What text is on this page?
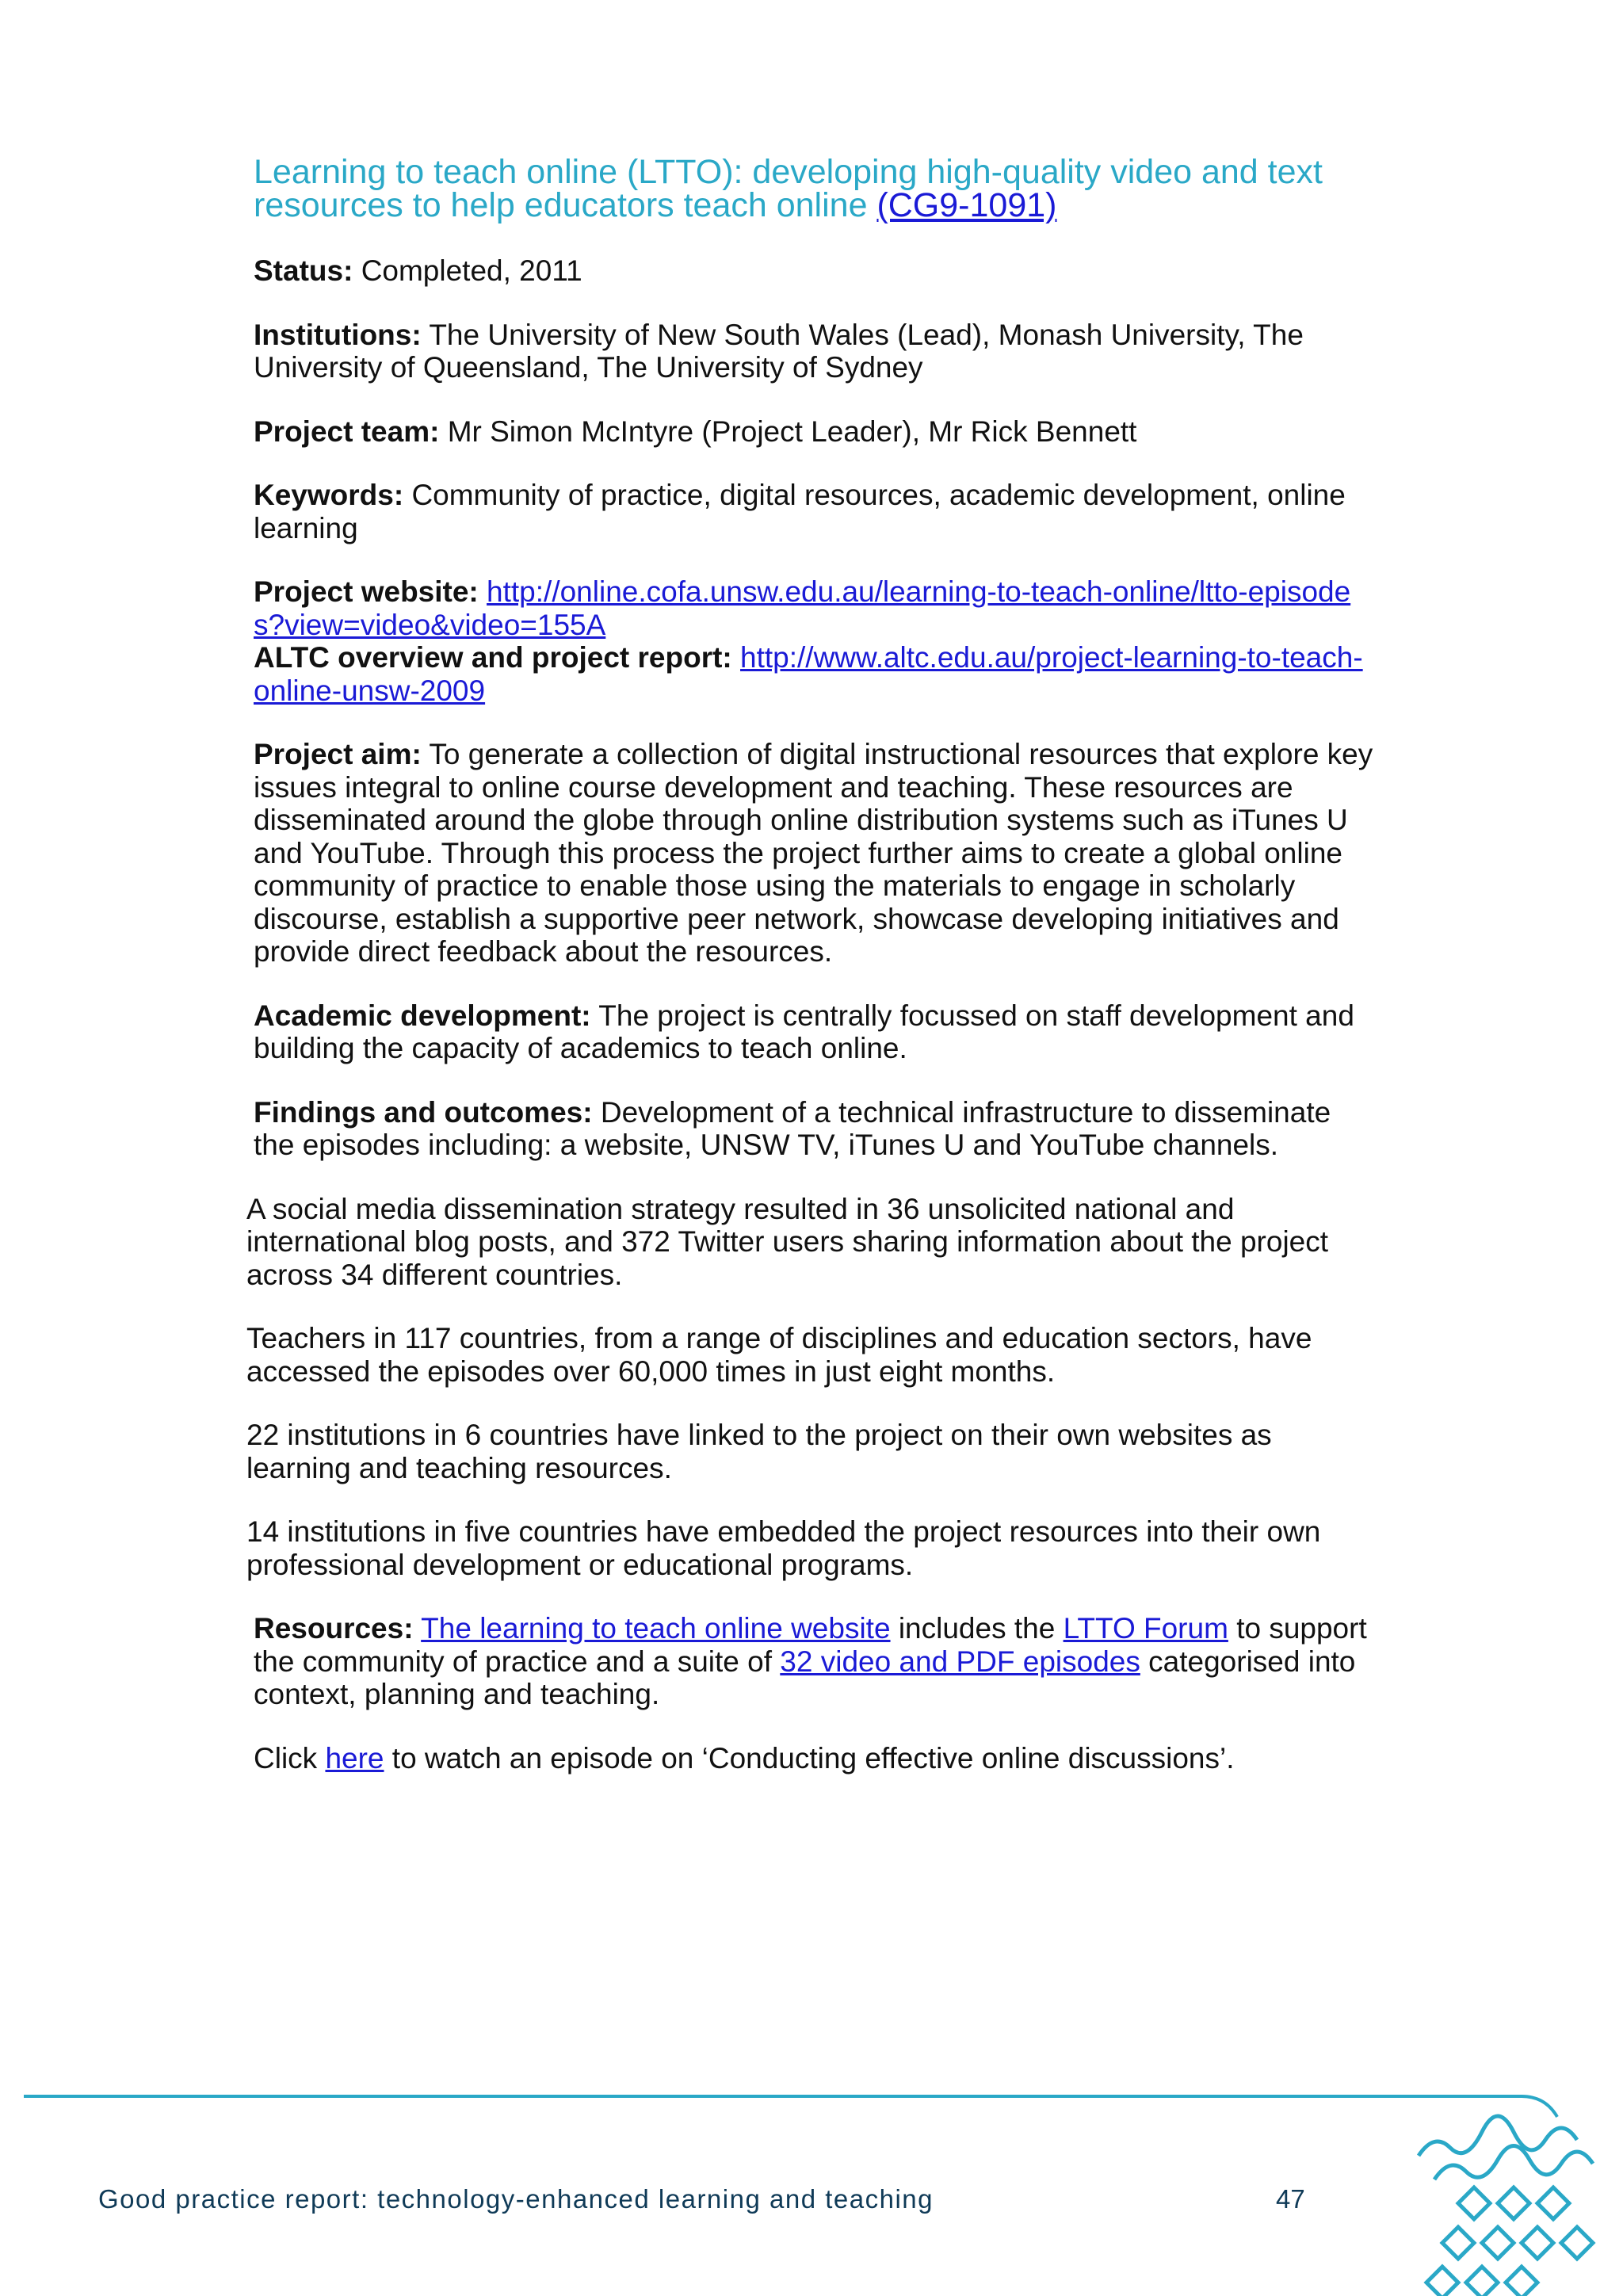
Learning to teach online (LTTO): developing high-quality video and text resources to help educators teach online (CG9-1091)

Status: Completed, 2011

Institutions: The University of New South Wales (Lead), Monash University, The University of Queensland, The University of Sydney

Project team: Mr Simon McIntyre (Project Leader), Mr Rick Bennett

Keywords: Community of practice, digital resources, academic development, online learning

Project website: http://online.cofa.unsw.edu.au/learning-to-teach-online/ltto-episodes?view=video&video=155A

ALTC overview and project report: http://www.altc.edu.au/project-learning-to-teach-online-unsw-2009

Project aim: To generate a collection of digital instructional resources that explore key issues integral to online course development and teaching. These resources are disseminated around the globe through online distribution systems such as iTunes U and YouTube. Through this process the project further aims to create a global online community of practice to enable those using the materials to engage in scholarly discourse, establish a supportive peer network, showcase developing initiatives and provide direct feedback about the resources.

Academic development: The project is centrally focussed on staff development and building the capacity of academics to teach online.

Findings and outcomes: Development of a technical infrastructure to disseminate the episodes including: a website, UNSW TV, iTunes U and YouTube channels.

A social media dissemination strategy resulted in 36 unsolicited national and international blog posts, and 372 Twitter users sharing information about the project across 34 different countries.

Teachers in 117 countries, from a range of disciplines and education sectors, have accessed the episodes over 60,000 times in just eight months.

22 institutions in 6 countries have linked to the project on their own websites as learning and teaching resources.

14 institutions in five countries have embedded the project resources into their own professional development or educational programs.

Resources: The learning to teach online website includes the LTTO Forum to support the community of practice and a suite of 32 video and PDF episodes categorised into context, planning and teaching.

Click here to watch an episode on ‘Conducting effective online discussions’.

Good practice report: technology-enhanced learning and teaching	47
